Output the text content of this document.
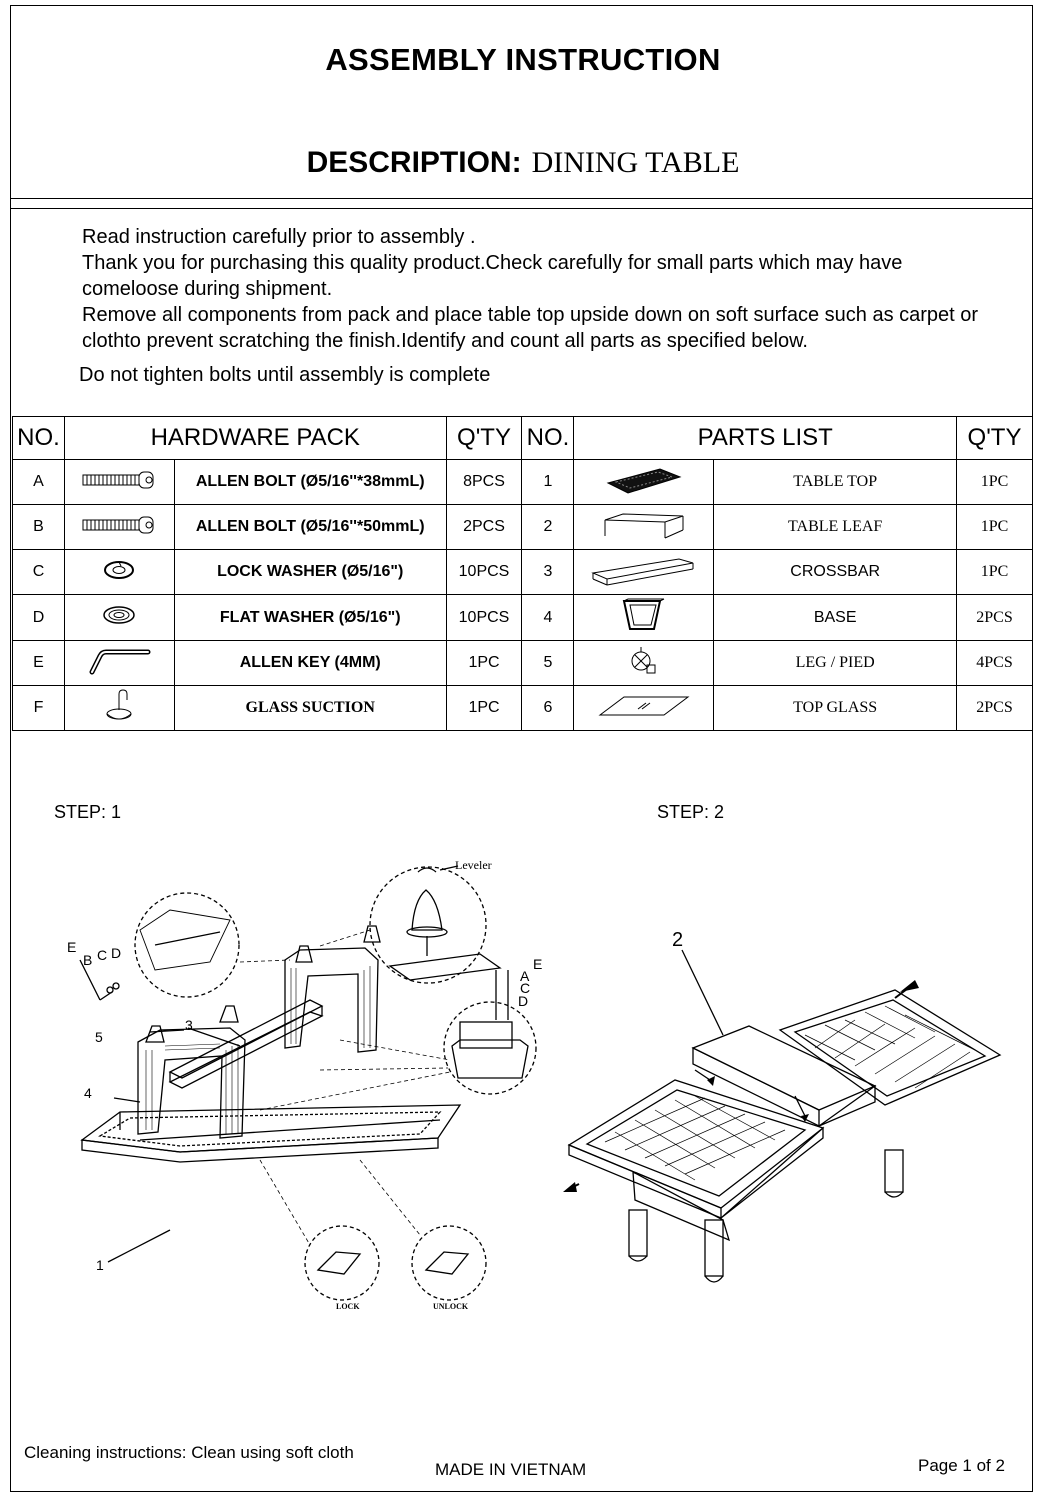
ASSEMBLY INSTRUCTION
DESCRIPTION: DINING TABLE

Read instruction carefully prior to assembly .

Thank you for purchasing this quality product.Check carefully for small parts which may have comeloose during shipment.

Remove all components from pack and place table top upside down on soft surface such as carpet or clothto prevent scratching the finish.Identify and count all parts as specified below.

Do not tighten bolts until assembly is complete

NO.	HARDWARE PACK		Q'TY	NO.	PARTS LIST		Q'TY
A		ALLEN BOLT (Ø5/16''*38mmL)	8PCS	1		TABLE TOP	1PC
B		ALLEN BOLT (Ø5/16''*50mmL)	2PCS	2		TABLE LEAF	1PC
C		LOCK WASHER (Ø5/16")	10PCS	3		CROSSBAR	1PC
D		FLAT WASHER (Ø5/16")	10PCS	4		BASE	2PCS
E		ALLEN KEY (4MM)	1PC	5		LEG / PIED	4PCS
F		GLASS SUCTION	1PC	6		TOP GLASS	2PCS
STEP: 1	STEP: 2
Leveler
LOCK	UNLOCK
E
B C D
3
5
4
1
E
A
C
D
2
Cleaning instructions: Clean using soft cloth
MADE IN VIETNAM	Page 1 of 2
